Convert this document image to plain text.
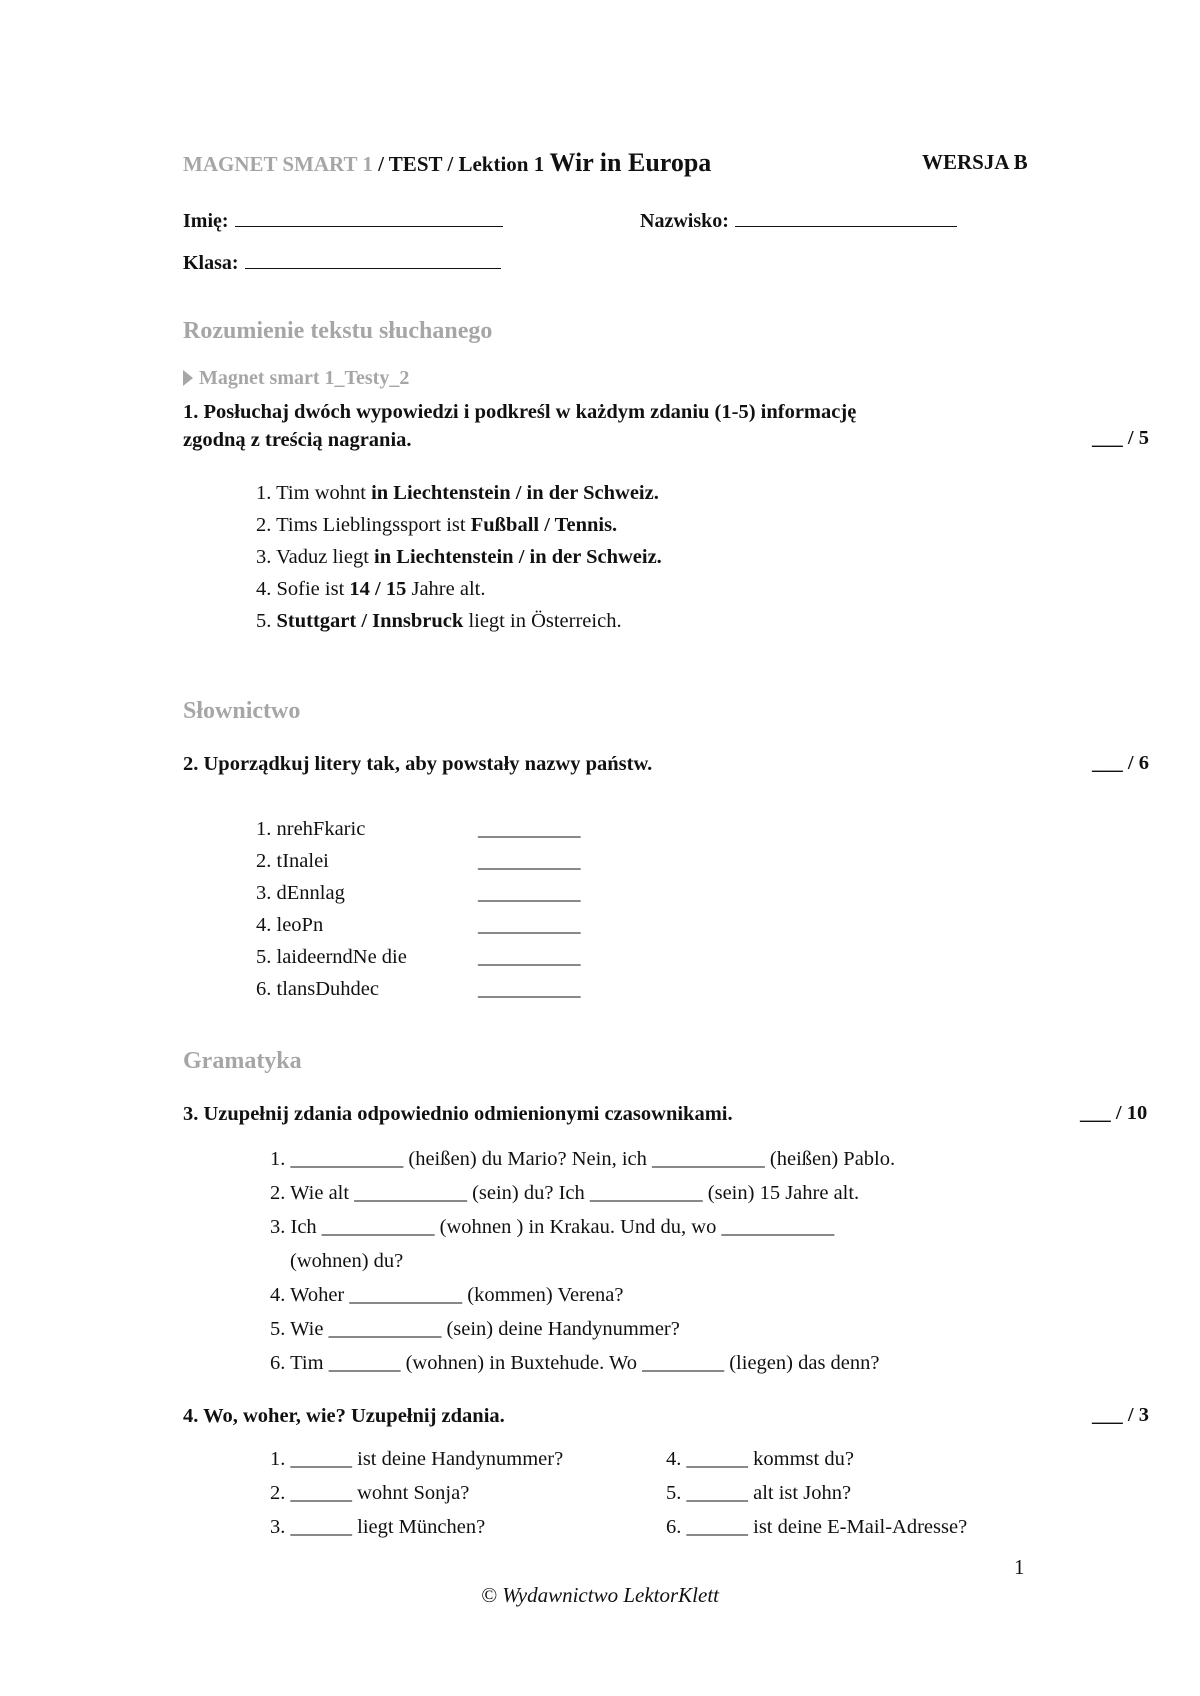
MAGNET SMART 1 / TEST / Lektion 1 Wir in Europa	WERSJA B
Imię:	Nazwisko:
Klasa:
Rozumienie tekstu słuchanego
Magnet smart 1_Testy_2
1. Posłuchaj dwóch wypowiedzi i podkreśl w każdym zdaniu (1-5) informację
zgodną z treścią nagrania.	___ / 5
1. Tim wohnt in Liechtenstein / in der Schweiz.
2. Tims Lieblingssport ist Fußball / Tennis.
3. Vaduz liegt in Liechtenstein / in der Schweiz.
4. Sofie ist 14 / 15 Jahre alt.
5. Stuttgart / Innsbruck liegt in Österreich.
Słownictwo
2. Uporządkuj litery tak, aby powstały nazwy państw.	___ / 6
1. nrehFkaric	__________
2. tInalei	__________
3. dEnnlag	__________
4. leoPn	__________
5. laideerndNe die	__________
6. tlansDuhdec	__________
Gramatyka
3. Uzupełnij zdania odpowiednio odmienionymi czasownikami.	___ / 10
1. ___________ (heißen) du Mario? Nein, ich ___________ (heißen) Pablo.
2. Wie alt ___________ (sein) du? Ich ___________ (sein) 15 Jahre alt.
3. Ich ___________ (wohnen ) in Krakau. Und du, wo ___________
(wohnen) du?
4. Woher ___________ (kommen) Verena?
5. Wie ___________ (sein) deine Handynummer?
6. Tim _______ (wohnen) in Buxtehude. Wo ________ (liegen) das denn?
4. Wo, woher, wie? Uzupełnij zdania.	___ / 3
1. ______ ist deine Handynummer?
2. ______ wohnt Sonja?
3. ______ liegt München?
4. ______ kommst du?
5. ______ alt ist John?
6. ______ ist deine E-Mail-Adresse?
1
© Wydawnictwo LektorKlett
